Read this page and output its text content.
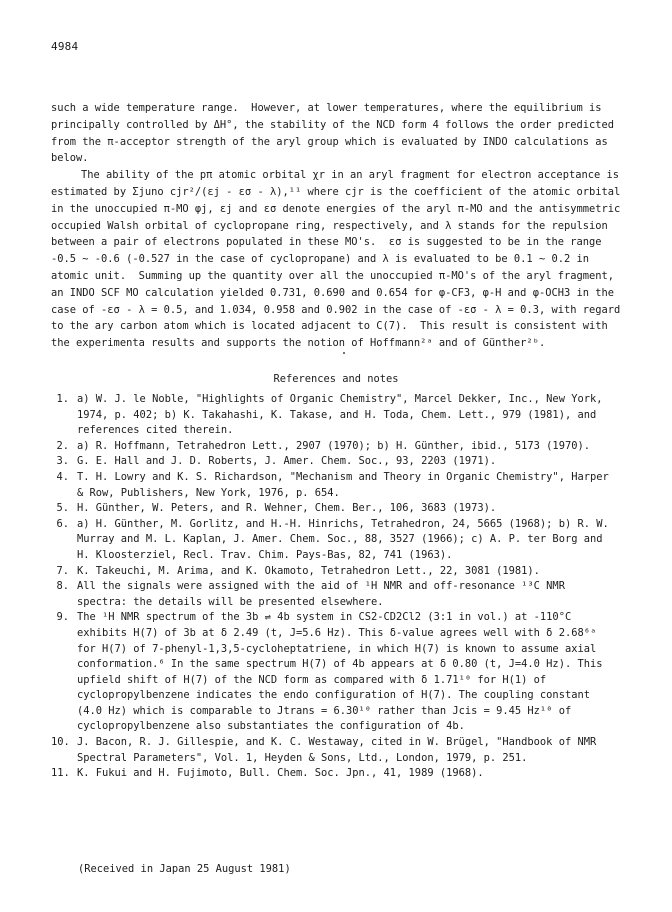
4984

such a wide temperature range.  However, at lower temperatures, where the equilibrium is principally controlled by ΔH°, the stability of the NCD form 4 follows the order predicted from the π-acceptor strength of the aryl group which is evaluated by INDO calculations as below.

The ability of the pπ atomic orbital χr in an aryl fragment for electron acceptance is estimated by Σjuno cjr²/(εj - εσ - λ),¹¹ where cjr is the coefficient of the atomic orbital in the unoccupied π-MO φj, εj and εσ denote energies of the aryl π-MO and the antisymmetric occupied Walsh orbital of cyclopropane ring, respectively, and λ stands for the repulsion between a pair of electrons populated in these MO's.  εσ is suggested to be in the range -0.5 ~ -0.6 (-0.527 in the case of cyclopropane) and λ is evaluated to be 0.1 ~ 0.2 in atomic unit.  Summing up the quantity over all the unoccupied π-MO's of the aryl fragment, an INDO SCF MO calculation yielded 0.731, 0.690 and 0.654 for φ-CF3, φ-H and φ-OCH3 in the case of -εσ - λ = 0.5, and 1.034, 0.958 and 0.902 in the case of -εσ - λ = 0.3, with regard to the ary carbon atom which is located adjacent to C(7).  This result is consistent with the experimenta results and supports the notion of Hoffmann²ᵃ and of Günther²ᵇ.

References and notes
1. a) W. J. le Noble, "Highlights of Organic Chemistry", Marcel Dekker, Inc., New York, 1974, p. 402; b) K. Takahashi, K. Takase, and H. Toda, Chem. Lett., 979 (1981), and references cited therein.
2. a) R. Hoffmann, Tetrahedron Lett., 2907 (1970); b) H. Günther, ibid., 5173 (1970).
3. G. E. Hall and J. D. Roberts, J. Amer. Chem. Soc., 93, 2203 (1971).
4. T. H. Lowry and K. S. Richardson, "Mechanism and Theory in Organic Chemistry", Harper & Row, Publishers, New York, 1976, p. 654.
5. H. Günther, W. Peters, and R. Wehner, Chem. Ber., 106, 3683 (1973).
6. a) H. Günther, M. Gorlitz, and H.-H. Hinrichs, Tetrahedron, 24, 5665 (1968); b) R. W. Murray and M. L. Kaplan, J. Amer. Chem. Soc., 88, 3527 (1966); c) A. P. ter Borg and H. Kloosterziel, Recl. Trav. Chim. Pays-Bas, 82, 741 (1963).
7. K. Takeuchi, M. Arima, and K. Okamoto, Tetrahedron Lett., 22, 3081 (1981).
8. All the signals were assigned with the aid of ¹H NMR and off-resonance ¹³C NMR spectra: the details will be presented elsewhere.
9. The ¹H NMR spectrum of the 3b ⇌ 4b system in CS2-CD2Cl2 (3:1 in vol.) at -110°C exhibits H(7) of 3b at δ 2.49 (t, J=5.6 Hz). This δ-value agrees well with δ 2.68⁶ᵃ for H(7) of 7-phenyl-1,3,5-cycloheptatriene, in which H(7) is known to assume axial conformation.⁶ In the same spectrum H(7) of 4b appears at δ 0.80 (t, J=4.0 Hz). This upfield shift of H(7) of the NCD form as compared with δ 1.71¹⁰ for H(1) of cyclopropylbenzene indicates the endo configuration of H(7). The coupling constant (4.0 Hz) which is comparable to Jtrans = 6.30¹⁰ rather than Jcis = 9.45 Hz¹⁰ of cyclopropylbenzene also substantiates the configuration of 4b.
10. J. Bacon, R. J. Gillespie, and K. C. Westaway, cited in W. Brügel, "Handbook of NMR Spectral Parameters", Vol. 1, Heyden & Sons, Ltd., London, 1979, p. 251.
11. K. Fukui and H. Fujimoto, Bull. Chem. Soc. Jpn., 41, 1989 (1968).
(Received in Japan 25 August 1981)
